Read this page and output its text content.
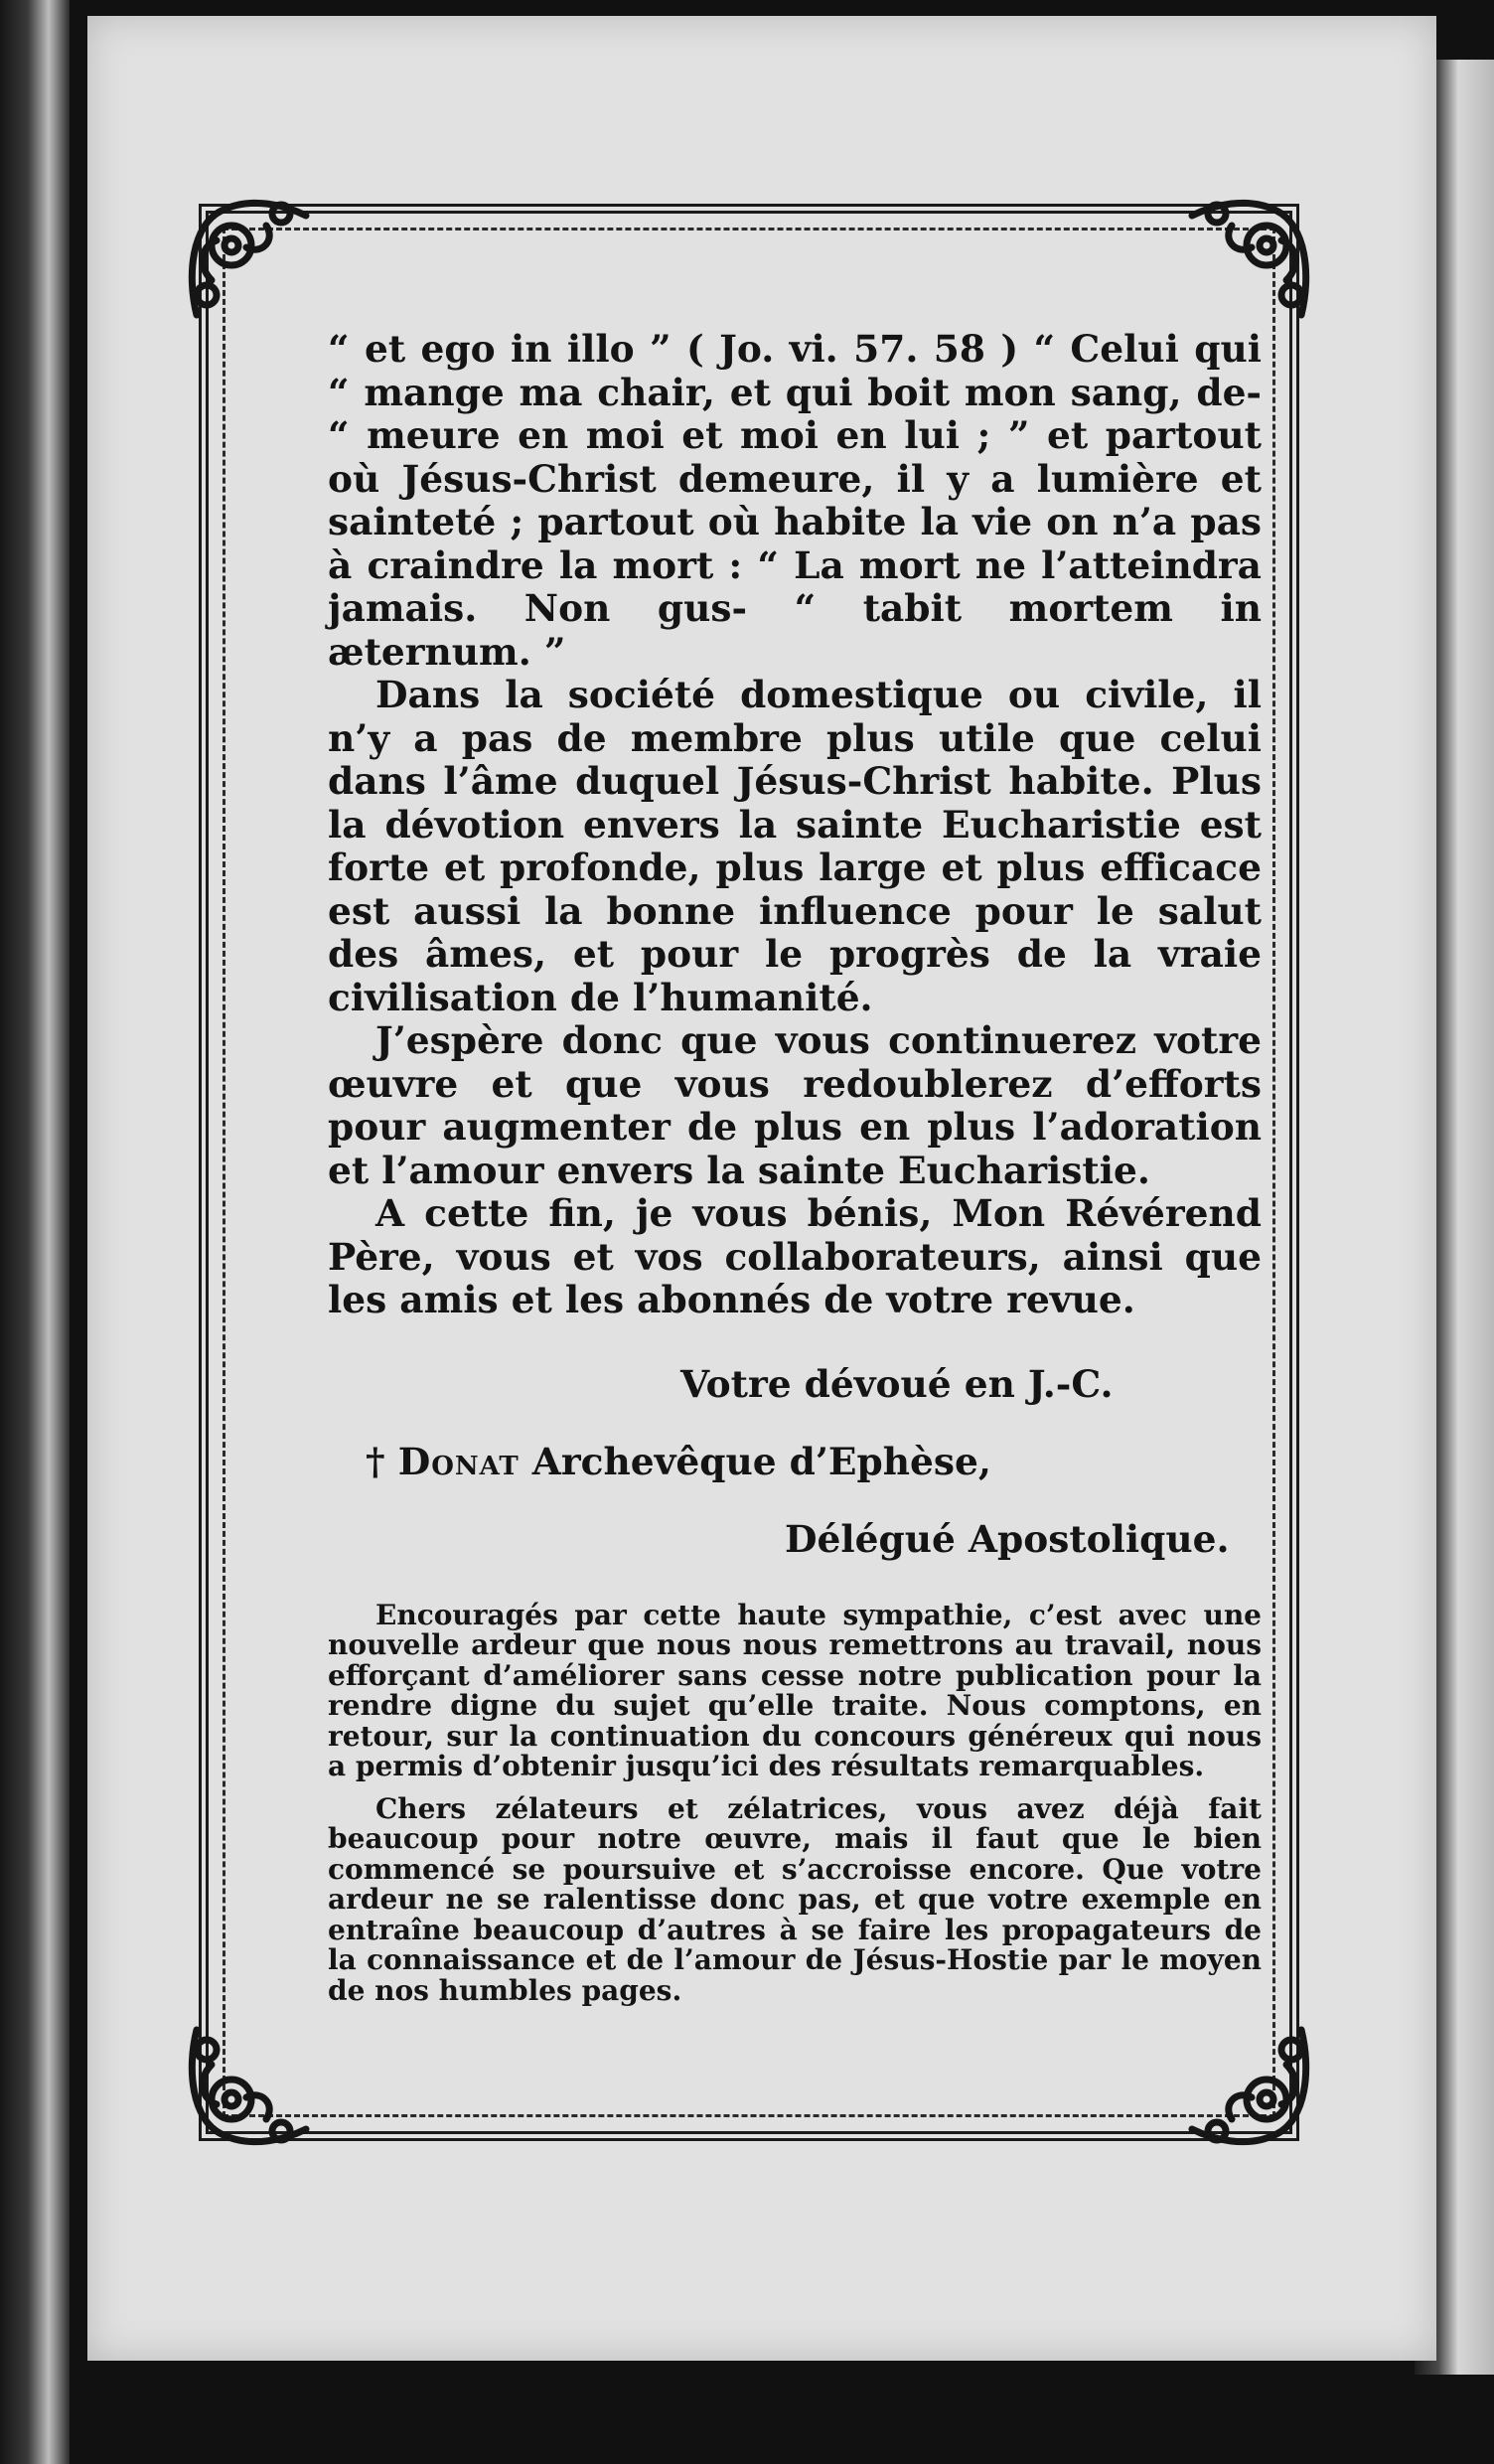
“ et ego in illo ” ( Jo. vi. 57. 58 ) “ Celui qui “ mange ma chair, et qui boit mon sang, de- “ meure en moi et moi en lui ; ” et partout où Jésus-Christ demeure, il y a lumière et sainteté ; partout où habite la vie on n’a pas à craindre la mort : “ La mort ne l’atteindra jamais. Non gus- “ tabit mortem in æternum. ”

Dans la société domestique ou civile, il n’y a pas de membre plus utile que celui dans l’âme duquel Jésus-Christ habite. Plus la dévotion envers la sainte Eucharistie est forte et profonde, plus large et plus efficace est aussi la bonne influence pour le salut des âmes, et pour le progrès de la vraie civilisation de l’humanité.

J’espère donc que vous continuerez votre œuvre et que vous redoublerez d’efforts pour augmenter de plus en plus l’adoration et l’amour envers la sainte Eucharistie.

A cette fin, je vous bénis, Mon Révérend Père, vous et vos collaborateurs, ainsi que les amis et les abonnés de votre revue.

Votre dévoué en J.-C.

† Donat Archevêque d’Ephèse,

Délégué Apostolique.

Encouragés par cette haute sympathie, c’est avec une nouvelle ardeur que nous nous remettrons au travail, nous efforçant d’améliorer sans cesse notre publication pour la rendre digne du sujet qu’elle traite. Nous comptons, en retour, sur la continuation du concours généreux qui nous a permis d’obtenir jusqu’ici des résultats remarquables.

Chers zélateurs et zélatrices, vous avez déjà fait beaucoup pour notre œuvre, mais il faut que le bien commencé se poursuive et s’accroisse encore. Que votre ardeur ne se ralentisse donc pas, et que votre exemple en entraîne beaucoup d’autres à se faire les propagateurs de la connaissance et de l’amour de Jésus-Hostie par le moyen de nos humbles pages.
